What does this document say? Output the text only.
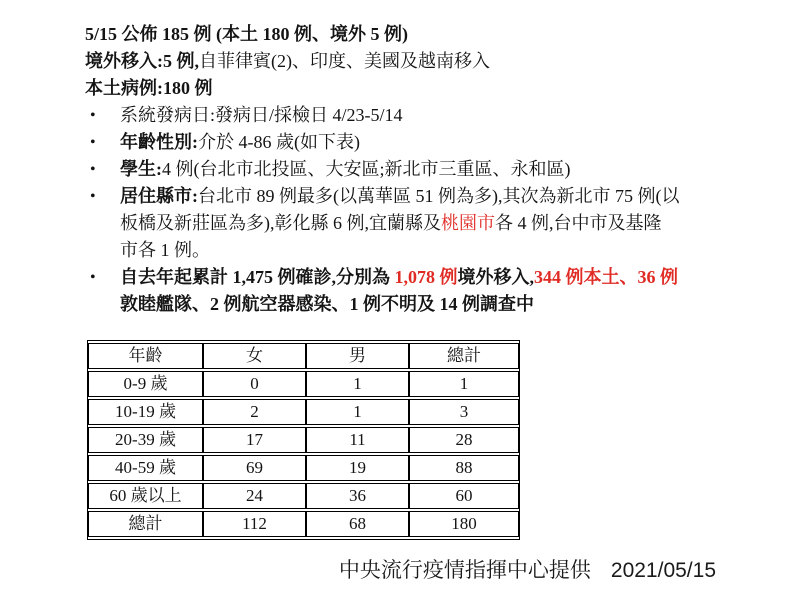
5/15 公佈 185 例 (本土 180 例、境外 5 例)
境外移入:5 例,自菲律賓(2)、印度、美國及越南移入
本土病例:180 例
• 系統發病日:發病日/採檢日 4/23-5/14
• 年齡性別:介於 4-86 歲(如下表)
• 學生:4 例(台北市北投區、大安區;新北市三重區、永和區)
• 居住縣市:台北市 89 例最多(以萬華區 51 例為多),其次為新北市 75 例(以
板橋及新莊區為多),彰化縣 6 例,宜蘭縣及桃園市各 4 例,台中市及基隆
市各 1 例。
• 自去年起累計 1,475 例確診,分別為 1,078 例境外移入,344 例本土、36 例
敦睦艦隊、2 例航空器感染、1 例不明及 14 例調查中
年齡	女	男	總計
0-9 歲	0	1	1
10-19 歲	2	1	3
20-39 歲	17	11	28
40-59 歲	69	19	88
60 歲以上	24	36	60
總計	112	68	180
中央流行疫情指揮中心提供 2021/05/15
